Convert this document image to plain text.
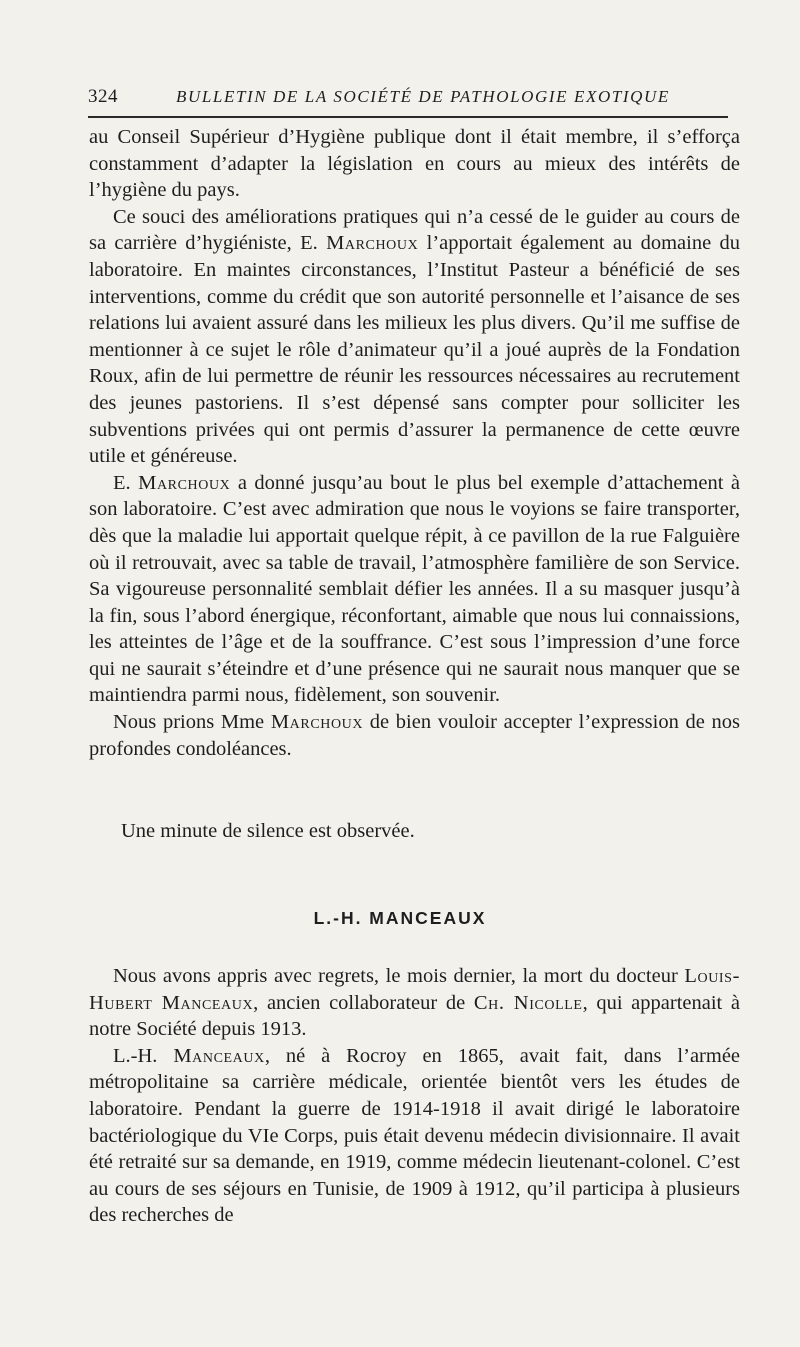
324	BULLETIN DE LA SOCIÉTÉ DE PATHOLOGIE EXOTIQUE

au Conseil Supérieur d’Hygiène publique dont il était membre, il s’efforça constamment d’adapter la législation en cours au mieux des intérêts de l’hygiène du pays.

Ce souci des améliorations pratiques qui n’a cessé de le guider au cours de sa carrière d’hygiéniste, E. Marchoux l’apportait également au domaine du laboratoire. En maintes circonstances, l’Institut Pasteur a bénéficié de ses interventions, comme du crédit que son autorité personnelle et l’aisance de ses relations lui avaient assuré dans les milieux les plus divers. Qu’il me suffise de mentionner à ce sujet le rôle d’animateur qu’il a joué auprès de la Fondation Roux, afin de lui permettre de réunir les ressources nécessaires au recrutement des jeunes pastoriens. Il s’est dépensé sans compter pour solliciter les subventions privées qui ont permis d’assurer la permanence de cette œuvre utile et généreuse.

E. Marchoux a donné jusqu’au bout le plus bel exemple d’attachement à son laboratoire. C’est avec admiration que nous le voyions se faire transporter, dès que la maladie lui apportait quelque répit, à ce pavillon de la rue Falguière où il retrouvait, avec sa table de travail, l’atmosphère familière de son Service. Sa vigoureuse personnalité semblait défier les années. Il a su masquer jusqu’à la fin, sous l’abord énergique, réconfortant, aimable que nous lui connaissions, les atteintes de l’âge et de la souffrance. C’est sous l’impression d’une force qui ne saurait s’éteindre et d’une présence qui ne saurait nous manquer que se maintiendra parmi nous, fidèlement, son souvenir.

Nous prions Mme Marchoux de bien vouloir accepter l’expression de nos profondes condoléances.

Une minute de silence est observée.
L.-H. MANCEAUX

Nous avons appris avec regrets, le mois dernier, la mort du docteur Louis-Hubert Manceaux, ancien collaborateur de Ch. Nicolle, qui appartenait à notre Société depuis 1913.

L.-H. Manceaux, né à Rocroy en 1865, avait fait, dans l’armée métropolitaine sa carrière médicale, orientée bientôt vers les études de laboratoire. Pendant la guerre de 1914-1918 il avait dirigé le laboratoire bactériologique du VIe Corps, puis était devenu médecin divisionnaire. Il avait été retraité sur sa demande, en 1919, comme médecin lieutenant-colonel. C’est au cours de ses séjours en Tunisie, de 1909 à 1912, qu’il participa à plusieurs des recherches de
